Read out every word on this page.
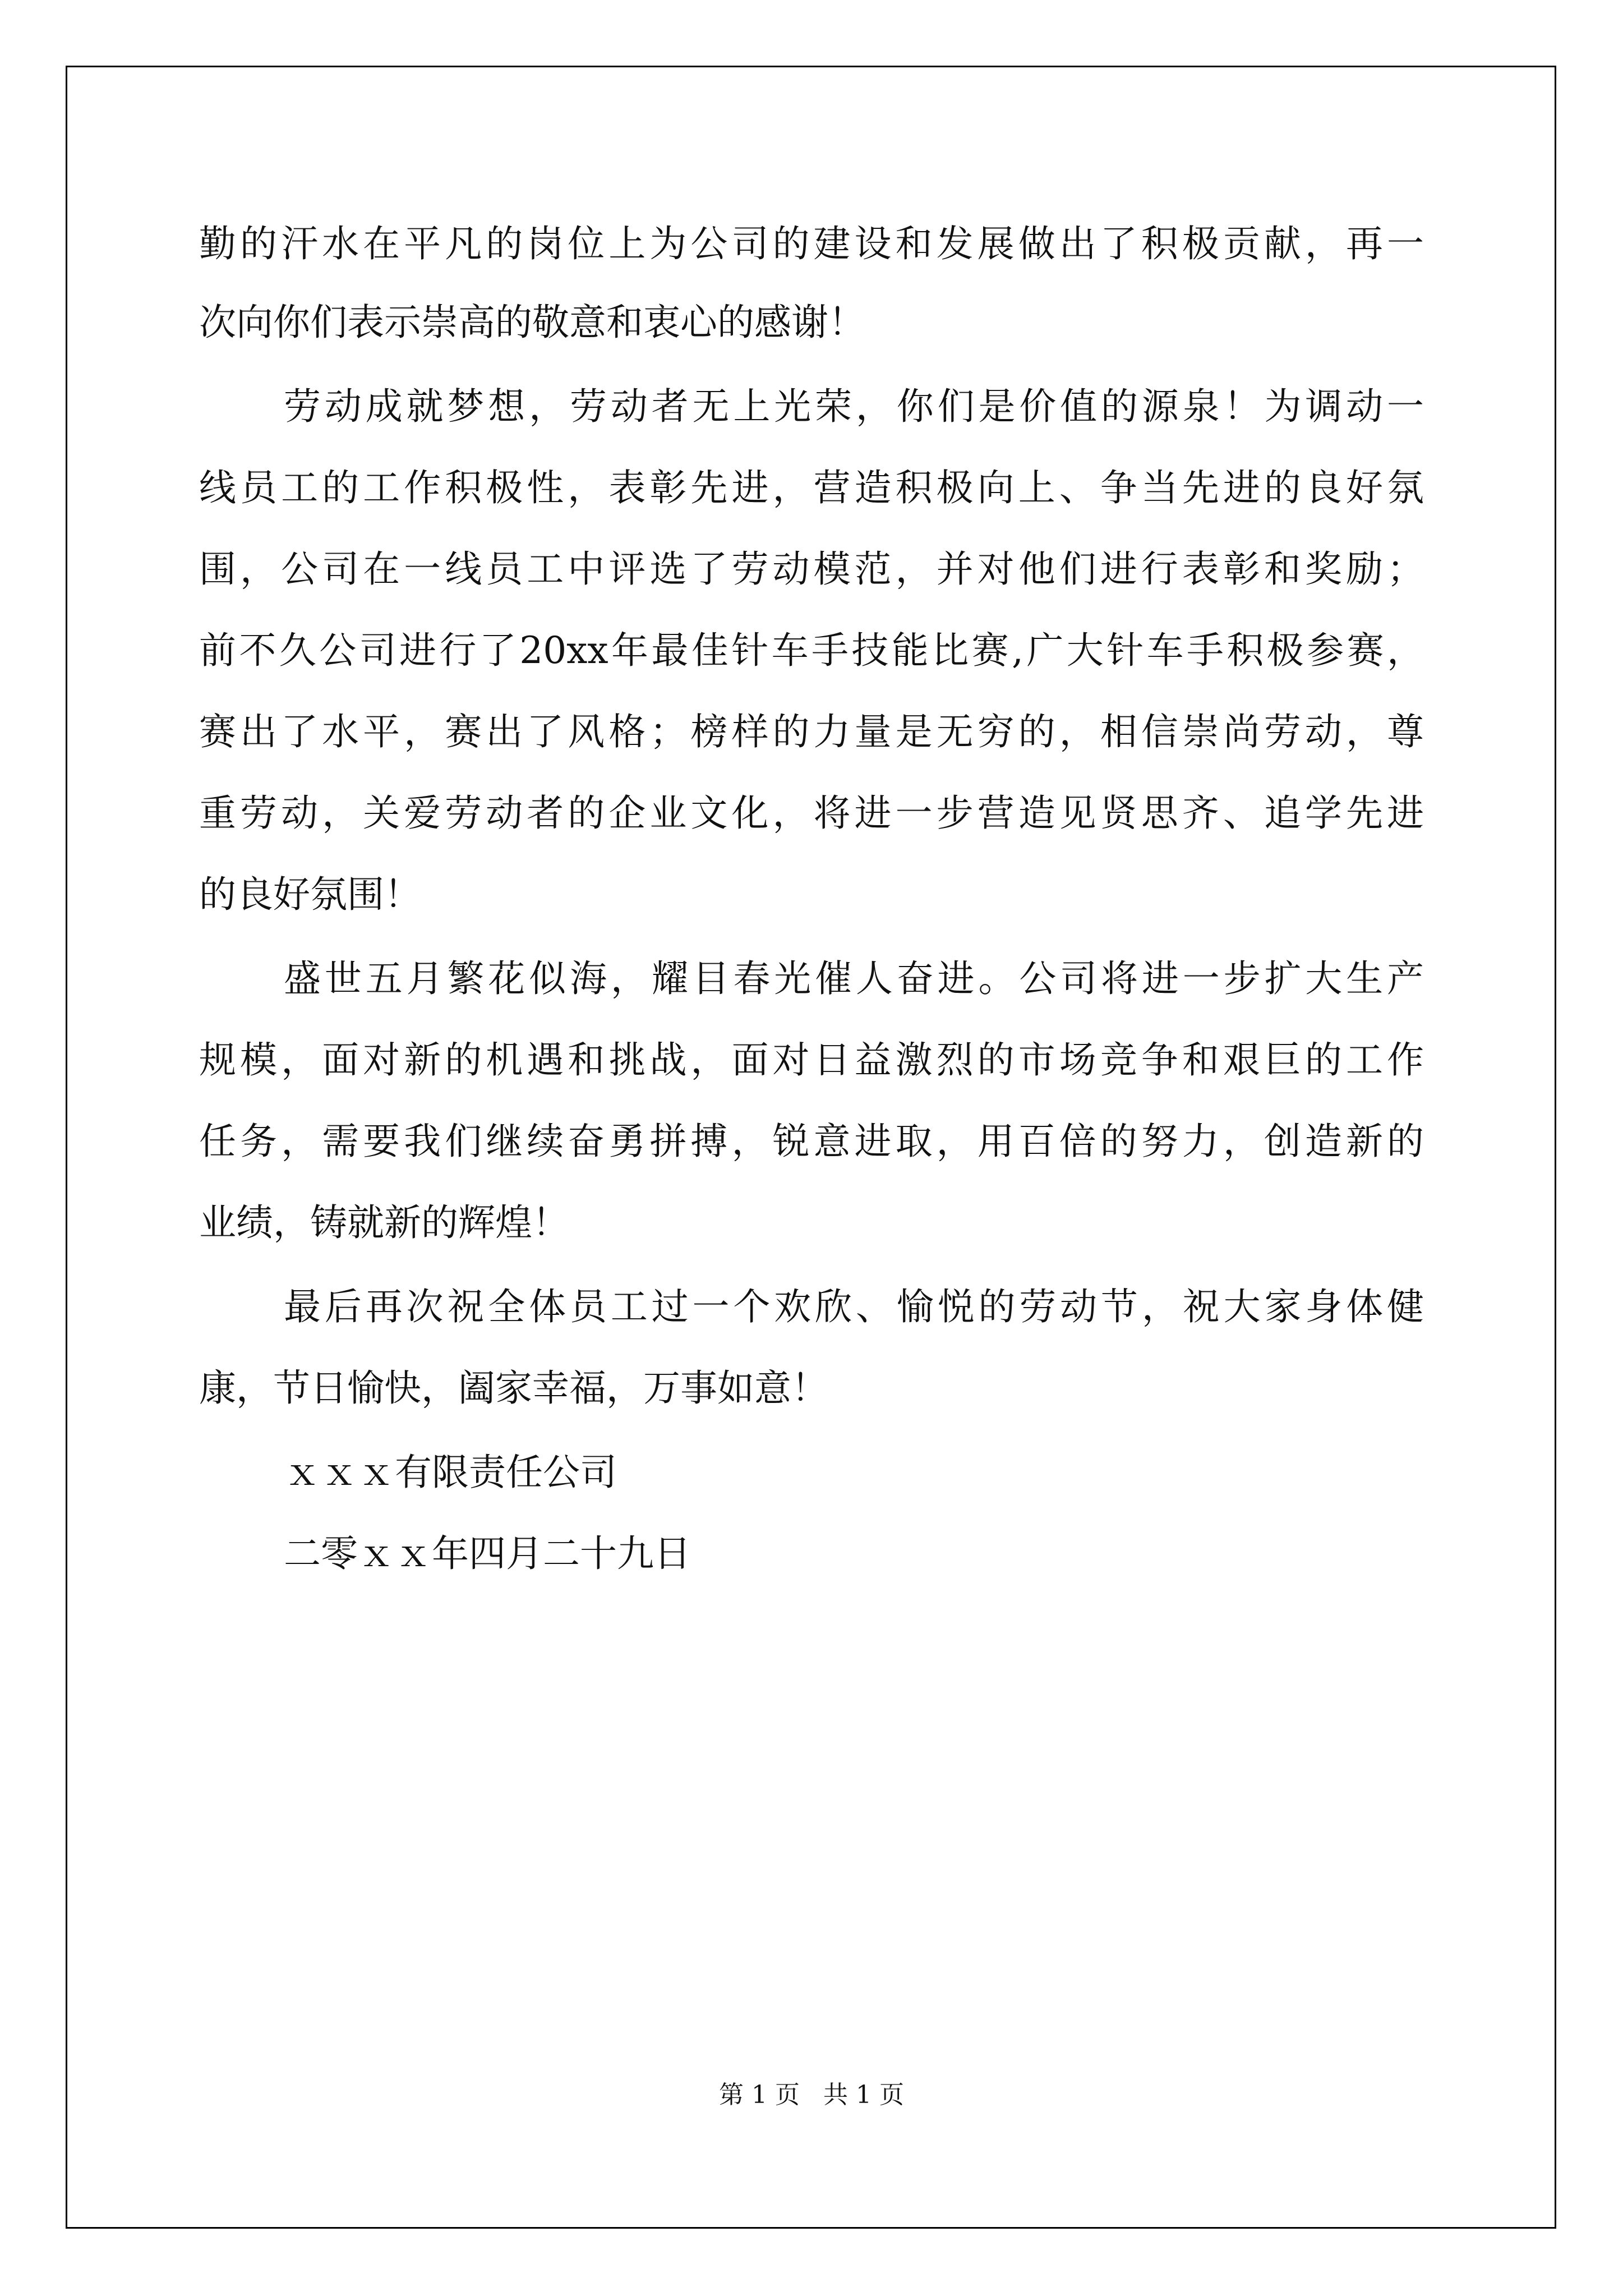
勤的汗水在平凡的岗位上为公司的建设和发展做出了积极贡献，再一
次向你们表示崇高的敬意和衷心的感谢！
劳动成就梦想，劳动者无上光荣，你们是价值的源泉！为调动一
线员工的工作积极性，表彰先进，营造积极向上、争当先进的良好氛
围，公司在一线员工中评选了劳动模范，并对他们进行表彰和奖励；
前不久公司进行了20xx年最佳针车手技能比赛,广大针车手积极参赛，
赛出了水平，赛出了风格；榜样的力量是无穷的，相信崇尚劳动，尊
重劳动，关爱劳动者的企业文化，将进一步营造见贤思齐、追学先进
的良好氛围！
盛世五月繁花似海，耀目春光催人奋进。公司将进一步扩大生产
规模，面对新的机遇和挑战，面对日益激烈的市场竞争和艰巨的工作
任务，需要我们继续奋勇拼搏，锐意进取，用百倍的努力，创造新的
业绩，铸就新的辉煌！
最后再次祝全体员工过一个欢欣、愉悦的劳动节，祝大家身体健
康，节日愉快，阖家幸福，万事如意！
ｘｘｘ有限责任公司
二零ｘｘ年四月二十九日
第 1 页   共 1 页
